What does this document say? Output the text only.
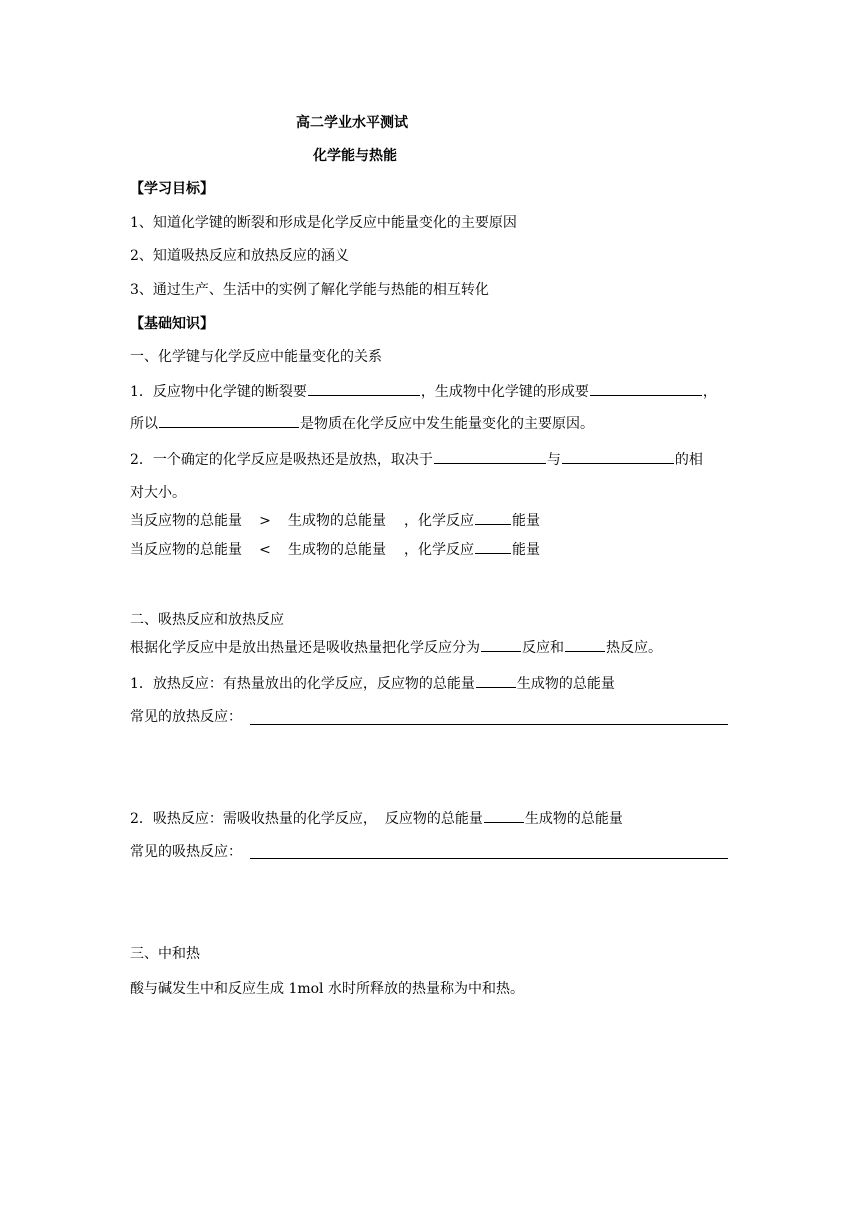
高二学业水平测试
化学能与热能
【学习目标】
1、知道化学键的断裂和形成是化学反应中能量变化的主要原因
2、知道吸热反应和放热反应的涵义
3、通过生产、生活中的实例了解化学能与热能的相互转化
【基础知识】
一、化学键与化学反应中能量变化的关系
1．反应物中化学键的断裂要	，生成物中化学键的形成要	，
所以	是物质在化学反应中发生能量变化的主要原因。
2．一个确定的化学反应是吸热还是放热，取决于	与	的相
对大小。
当反应物的总能量 > 生成物的总能量 ，化学反应	能量
当反应物的总能量 < 生成物的总能量 ，化学反应	能量
二、吸热反应和放热反应
根据化学反应中是放出热量还是吸收热量把化学反应分为	反应和	热反应。
1．放热反应：有热量放出的化学反应，反应物的总能量	生成物的总能量
常见的放热反应：
2．吸热反应：需吸收热量的化学反应， 反应物的总能量	生成物的总能量
常见的吸热反应：
三、中和热
酸与碱发生中和反应生成 1mol 水时所释放的热量称为中和热。
